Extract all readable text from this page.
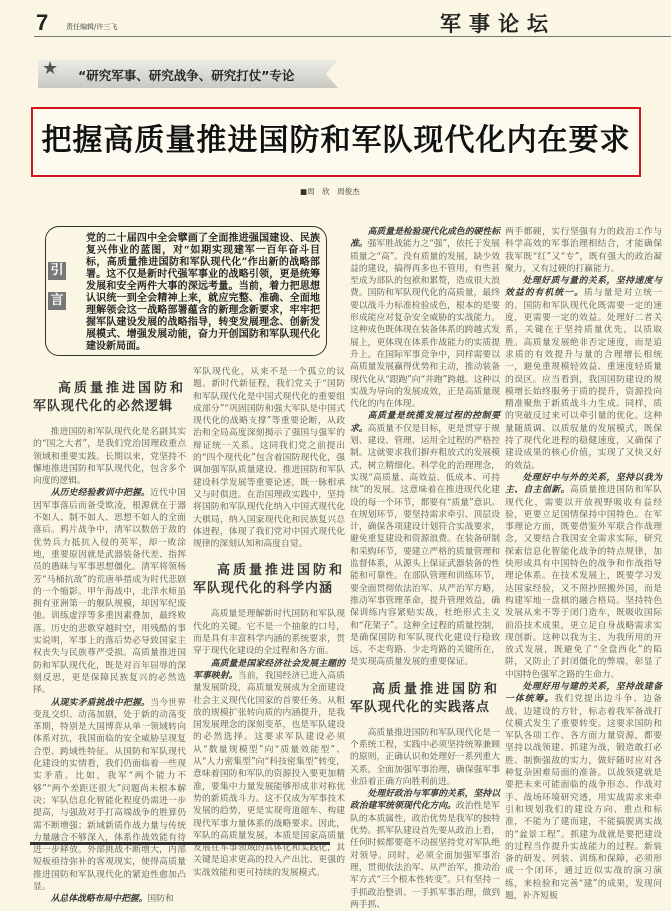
7	责任编辑/许三飞	军事论坛
★	“研究军事、研究战争、研究打仗”专论
把握高质量推进国防和军队现代化内在要求
■周　欣　周俊杰
引
言
党的二十届四中全会擘画了全面推进强国建设、民族复兴伟业的蓝图，对“如期实现建军一百年奋斗目标，高质量推进国防和军队现代化”作出新的战略部署。这不仅是新时代强军事业的战略引领，更是统筹发展和安全两件大事的深远考量。当前，着力把思想认识统一到全会精神上来，就应完整、准确、全面地理解领会这一战略部署蕴含的新理念新要求，牢牢把握军队建设发展的战略指导，转变发展理念、创新发展模式、增强发展动能，奋力开创国防和军队现代化建设新局面。
高质量推进国防和
军队现代化的必然逻辑

推进国防和军队现代化是名副其实的“国之大者”，是我们党治国理政重点领域和重要实践。长期以来，党坚持不懈地推进国防和军队现代化，包含多个向度的逻辑。

从历史经验教训中把握。近代中国因军事落后而备受欺凌，根源就在于器不如人、制不如人、思想不如人的全面落后。鸦片战争中，清军以数倍于敌的优势兵力抵抗入侵的英军，却一败涂地，重要原因就是武器装备代差、指挥员的愚昧与军事思想僵化。清军将领杨芳“马桶抗敌”的荒唐举措成为时代悲剧的一个缩影。甲午海战中，北洋水师虽拥有亚洲第一的舰队规模，却因军纪废弛、训练虚浮等多重因素叠加，最终败落。历史的悲歌穿越时空，用残酷的事实说明，军事上的落后势必导致国家主权丧失与民族尊严受损。高质量推进国防和军队现代化，既是对百年屈辱的深刻反思，更是保障民族复兴的必然选择。

从现实矛盾挑战中把握。当今世界变乱交织、动荡加剧，处于新的动荡变革期，特别是大国博弈从单一领域转向体系对抗，我国面临的安全威胁呈现复合型、跨域性特征。从国防和军队现代化建设的实情看，我们仍面临着一些现实矛盾。比如，我军“两个能力不够”“两个差距还很大”问题尚未根本解决；军队信息化智能化程度仍需进一步提高，与强敌对手打高端战争的胜算仍需不断增强；新域新质作战力量与传统力量融合不够深入，体系作战效能有待进一步释放。外部挑战不断增大，内部短板亟待弥补的客观现实，使得高质量推进国防和军队现代化的紧迫性愈加凸显。

从总体战略布局中把握。国防和

军队现代化，从来不是一个孤立的议题。新时代新征程，我们党关于“国防和军队现代化是中国式现代化的重要组成部分”“巩固国防和强大军队是中国式现代化的战略支撑”等重要论断，从政治和全局高度深刻揭示了强国与强军的辩证统一关系。这同我们党之前提出的“四个现代化”包含着国防现代化，强调加强军队质量建设、推进国防和军队建设科学发展等重要论述，既一脉相承又与时俱进。在治国理政实践中，坚持将国防和军队现代化纳入中国式现代化大棋局，纳入国家现代化和民族复兴总体进程，体现了我们党对中国式现代化规律的深刻认知和高度自觉。

高质量推进国防和
军队现代化的科学内涵

高质量是理解新时代国防和军队现代化的关键。它不是一个抽象的口号，而是具有丰富科学内涵的系统要求，贯穿于现代化建设的全过程和各方面。

高质量是国家经济社会发展主题的军事映射。当前，我国经济已进入高质量发展阶段，高质量发展成为全面建设社会主义现代化国家的首要任务。从粗放的规模扩张转向质的内涵提升，是我国发展理念的深刻变革，也是军队建设的必然选择。这要求军队建设必须从“数量规模型”向“质量效能型”、从“人力密集型”向“科技密集型”转变，意味着国防和军队的资源投入要更加精准，要集中力量发展能够形成非对称优势的新质战斗力。这不仅成为军事技术发展的趋势，更是实现弯道超车、构建现代军事力量体系的战略要求。因此，军队的高质量发展，本质是国家高质量发展在军事领域的具体化和实践化，其关键是追求更高的投入产出比、更强的实战效能和更可持续的发展模式。

高质量是检验现代化成色的硬性标准。强军胜战能力之“强”，依托于发展质量之“高”。没有质量的发展，缺少效益的建设，搞得再多也不管用，有些甚至成为部队的包袱和累赘，造成很大浪费。国防和军队现代化的高质量，最终要以战斗力标准检验成色，根本的是要形成能应对复杂安全威胁的实战能力。这种成色既体现在装备体系的跨越式发展上，更体现在体系作战能力的实质提升上。在国际军事竞争中，同样需要以高质量发展赢得优势和主动，推动装备现代化从“跟跑”向“并跑”跨越。这种以实战为导向的发展成效，正是高质量现代化的内在体现。

高质量是统揽发展过程的控制要求。高质量不仅是目标，更是贯穿于规划、建设、管理、运用全过程的严格控制。这就要求我们摒弃粗放式的发展模式，树立精细化、科学化的治理理念，实现“高质量、高效益、低成本、可持续”的发展。这意味着在推进现代化建设的每一个环节，都要有“质量”意识。在规划环节，要坚持需求牵引、顶层设计，确保各项建设计划符合实战要求，避免重复建设和资源浪费。在装备研制和采购环节，要建立严格的质量管理和监督体系，从源头上保证武器装备的性能和可靠性。在部队管理和训练环节，要全面贯彻依法治军、从严治军方略，推动军事管理革命，提升管理效益，确保训练内容紧贴实战，杜绝形式主义和“花架子”。这种全过程的质量控制，是确保国防和军队现代化建设行稳致远、不走弯路、少走弯路的关键所在，是实现高质量发展的重要保证。

高质量推进国防和
军队现代化的实践落点

高质量推进国防和军队现代化是一个系统工程，实践中必须坚持统筹兼顾的原则，正确认识和处理好一系列重大关系，全面加强军事治理，确保强军事业沿着正确方向胜利前进。

处理好政治与军事的关系，坚持以政治建军统领现代化方向。政治性是军队的本质属性，政治优势是我军的独特优势。抓军队建设首先要从政治上看，任何时候都要毫不动摇坚持党对军队绝对领导。同时，必须全面加强军事治理，贯彻依法治军、从严治军，推动治军方式“三个根本性转变”。只有坚持一手抓政治整训、一手抓军事治理，做到两手抓、

两手都硬，实行坚强有力的政治工作与科学高效的军事治理相结合，才能确保我军既“红”又“专”，既有强大的政治凝聚力，又有过硬的打赢能力。

处理好质与量的关系，坚持速度与效益的有机统一。质与量是对立统一的。国防和军队现代化既需要一定的速度，更需要一定的效益。处理好二者关系，关键在于坚持质量优先，以质取胜。高质量发展绝非否定速度，而是追求质的有效提升与量的合理增长相统一，避免重规模轻效益、重速度轻质量的误区。应当看到，我国国防建设的规模增长始终服务于质的提升，资源投向精准聚焦于新质战斗力生成。同样，质的突破反过来可以牵引量的优化。这种量随质调、以质驭量的发展模式，既保持了现代化进程的稳健速度，又确保了建设成果的核心价值，实现了又快又好的效益。

处理好中与外的关系，坚持以我为主、自主创新。高质量推进国防和军队现代化，需要以开放视野吸收有益经验，更要立足国情保持中国特色。在军事理论方面，既要借鉴外军联合作战理念，又要结合我国安全需求实际，研究探索信息化智能化战争的特点规律，加快形成具有中国特色的战争和作战指导理论体系。在技术发展上，既要学习发达国家经验，又不照抄照搬外国，而是构建军地一盘棋的融合格局。坚持特色发展从来不等于闭门造车，既吸收国际前沿技术成果，更立足自身战略需求实现创新。这种以我为主、为我所用的开放式发展，既避免了“全盘西化”的陷阱，又防止了封闭僵化的弊端，彰显了中国特色强军之路的生命力。

处理好用与建的关系，坚持战建备一体统筹。我们党提出边斗争、边备战、边建设的方针，标志着我军备战打仗模式发生了重要转变。这要求国防和军队各项工作、各方面力量资源，都要坚持以战领建、抓建为战，锻造敢打必胜、制衡强敌的实力，做好随时应对各种复杂困难局面的准备。以战领建就是要把未来可能面临的战争形态、作战对手、战场环境研究透，用实战需求来牵引和规划我们的建设方向、重点和标准，不能为了建而建，不能搞脱离实战的“盆景工程”。抓建为战就是要把建设的过程当作提升实战能力的过程。新装备的研发、列装、训练和保障，必须形成一个闭环，通过近似实战的演习演练，来检验和完善“建”的成果，发现问题，补齐短板
